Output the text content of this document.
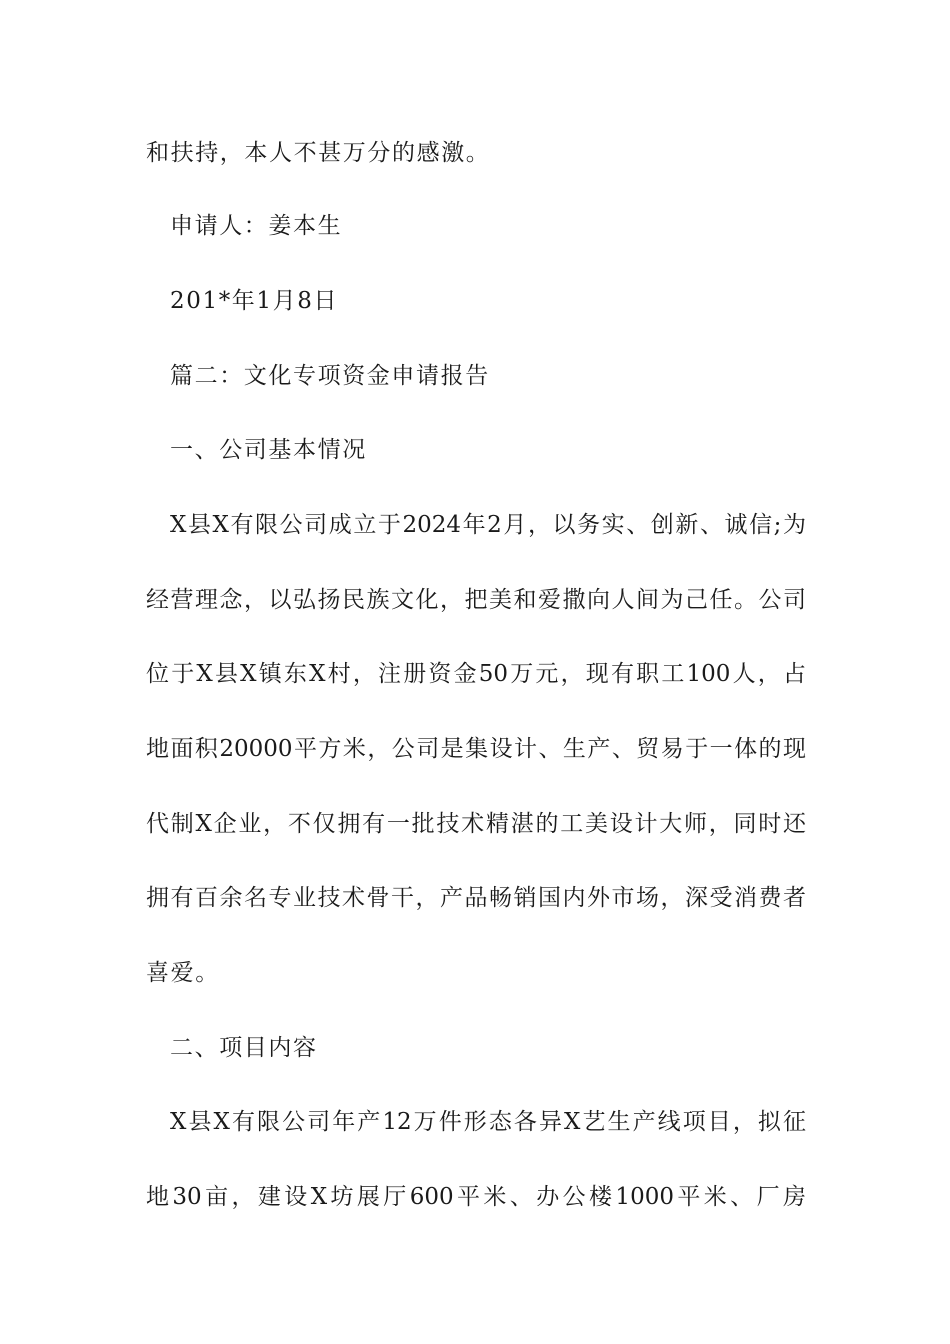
和扶持，本人不甚万分的感激。
申请人：姜本生
201*年1月8日
篇二：文化专项资金申请报告
一、公司基本情况
X县X有限公司成立于2024年2月，以务实、创新、诚信;为
经营理念，以弘扬民族文化，把美和爱撒向人间为己任。公司
位于X县X镇东X村，注册资金50万元，现有职工100人，占
地面积20000平方米，公司是集设计、生产、贸易于一体的现
代制X企业，不仅拥有一批技术精湛的工美设计大师，同时还
拥有百余名专业技术骨干，产品畅销国内外市场，深受消费者
喜爱。
二、项目内容
X县X有限公司年产12万件形态各异X艺生产线项目，拟征
地30亩，建设X坊展厅600平米、办公楼1000平米、厂房
